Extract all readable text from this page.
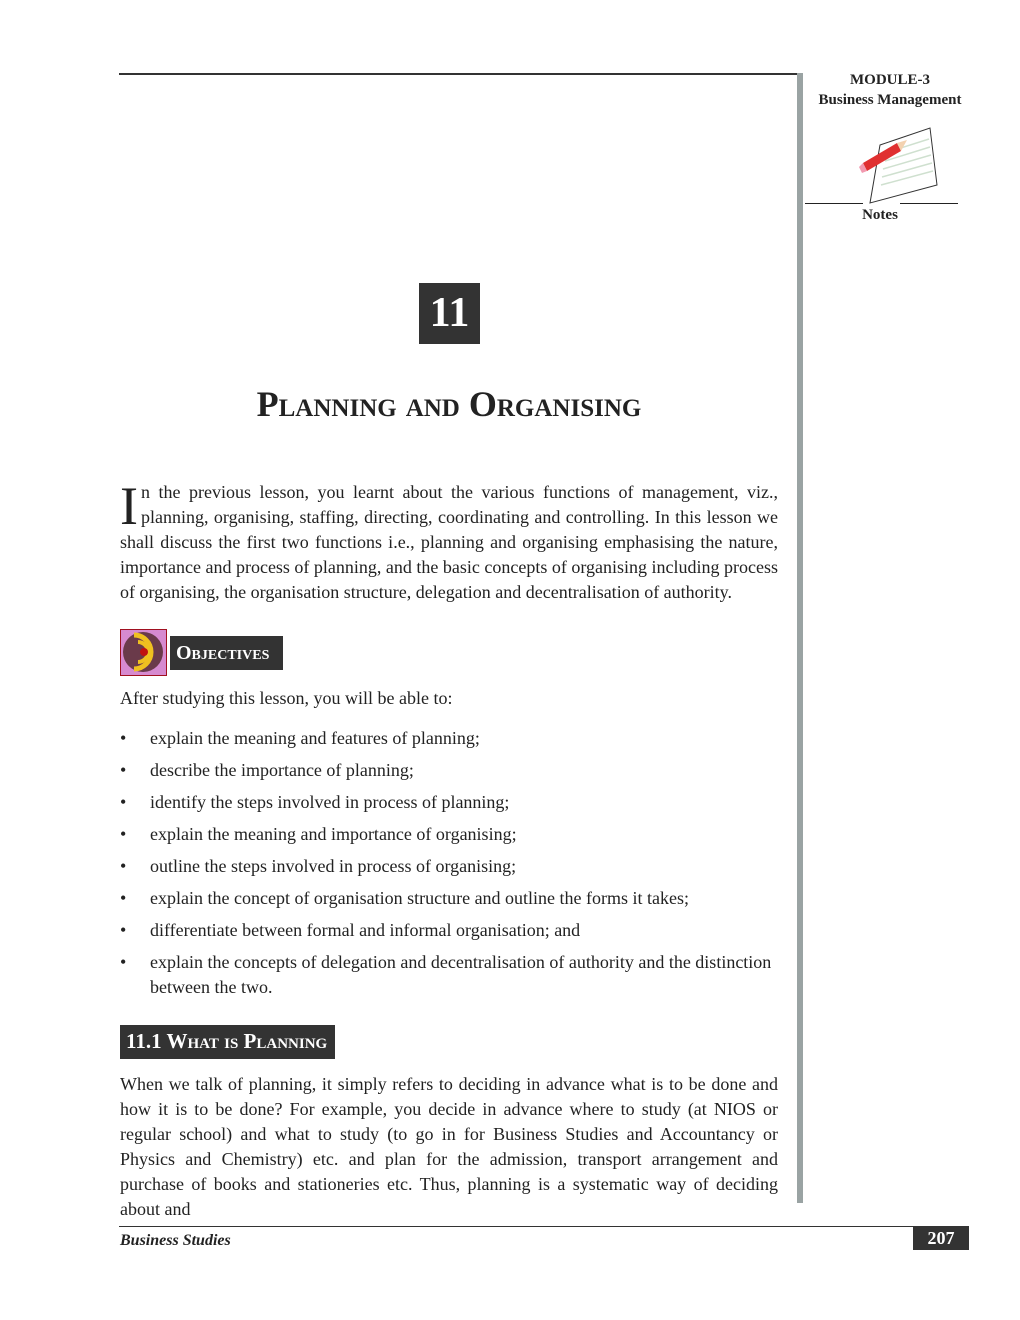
MODULE-3
Business Management
Notes
11
Planning and Organising
I n the previous lesson, you learnt about the various functions of management, viz., planning, organising, staffing, directing, coordinating and controlling. In this lesson we shall discuss the first two functions i.e., planning and organising emphasising the nature, importance and process of planning, and the basic concepts of organising including process of organising, the organisation structure, delegation and decentralisation of authority.
Objectives
After studying this lesson, you will be able to:
• explain the meaning and features of planning;
• describe the importance of planning;
• identify the steps involved in process of planning;
• explain the meaning and importance of organising;
• outline the steps involved in process of organising;
• explain the concept of organisation structure and outline the forms it takes;
• differentiate between formal and informal organisation; and
• explain the concepts of delegation and decentralisation of authority and the distinction between the two.
11.1 What is Planning
When we talk of planning, it simply refers to deciding in advance what is to be done and how it is to be done? For example, you decide in advance where to study (at NIOS or regular school) and what to study (to go in for Business Studies and Accountancy or Physics and Chemistry) etc. and plan for the admission, transport arrangement and purchase of books and stationeries etc. Thus, planning is a systematic way of deciding about and
Business Studies	207
